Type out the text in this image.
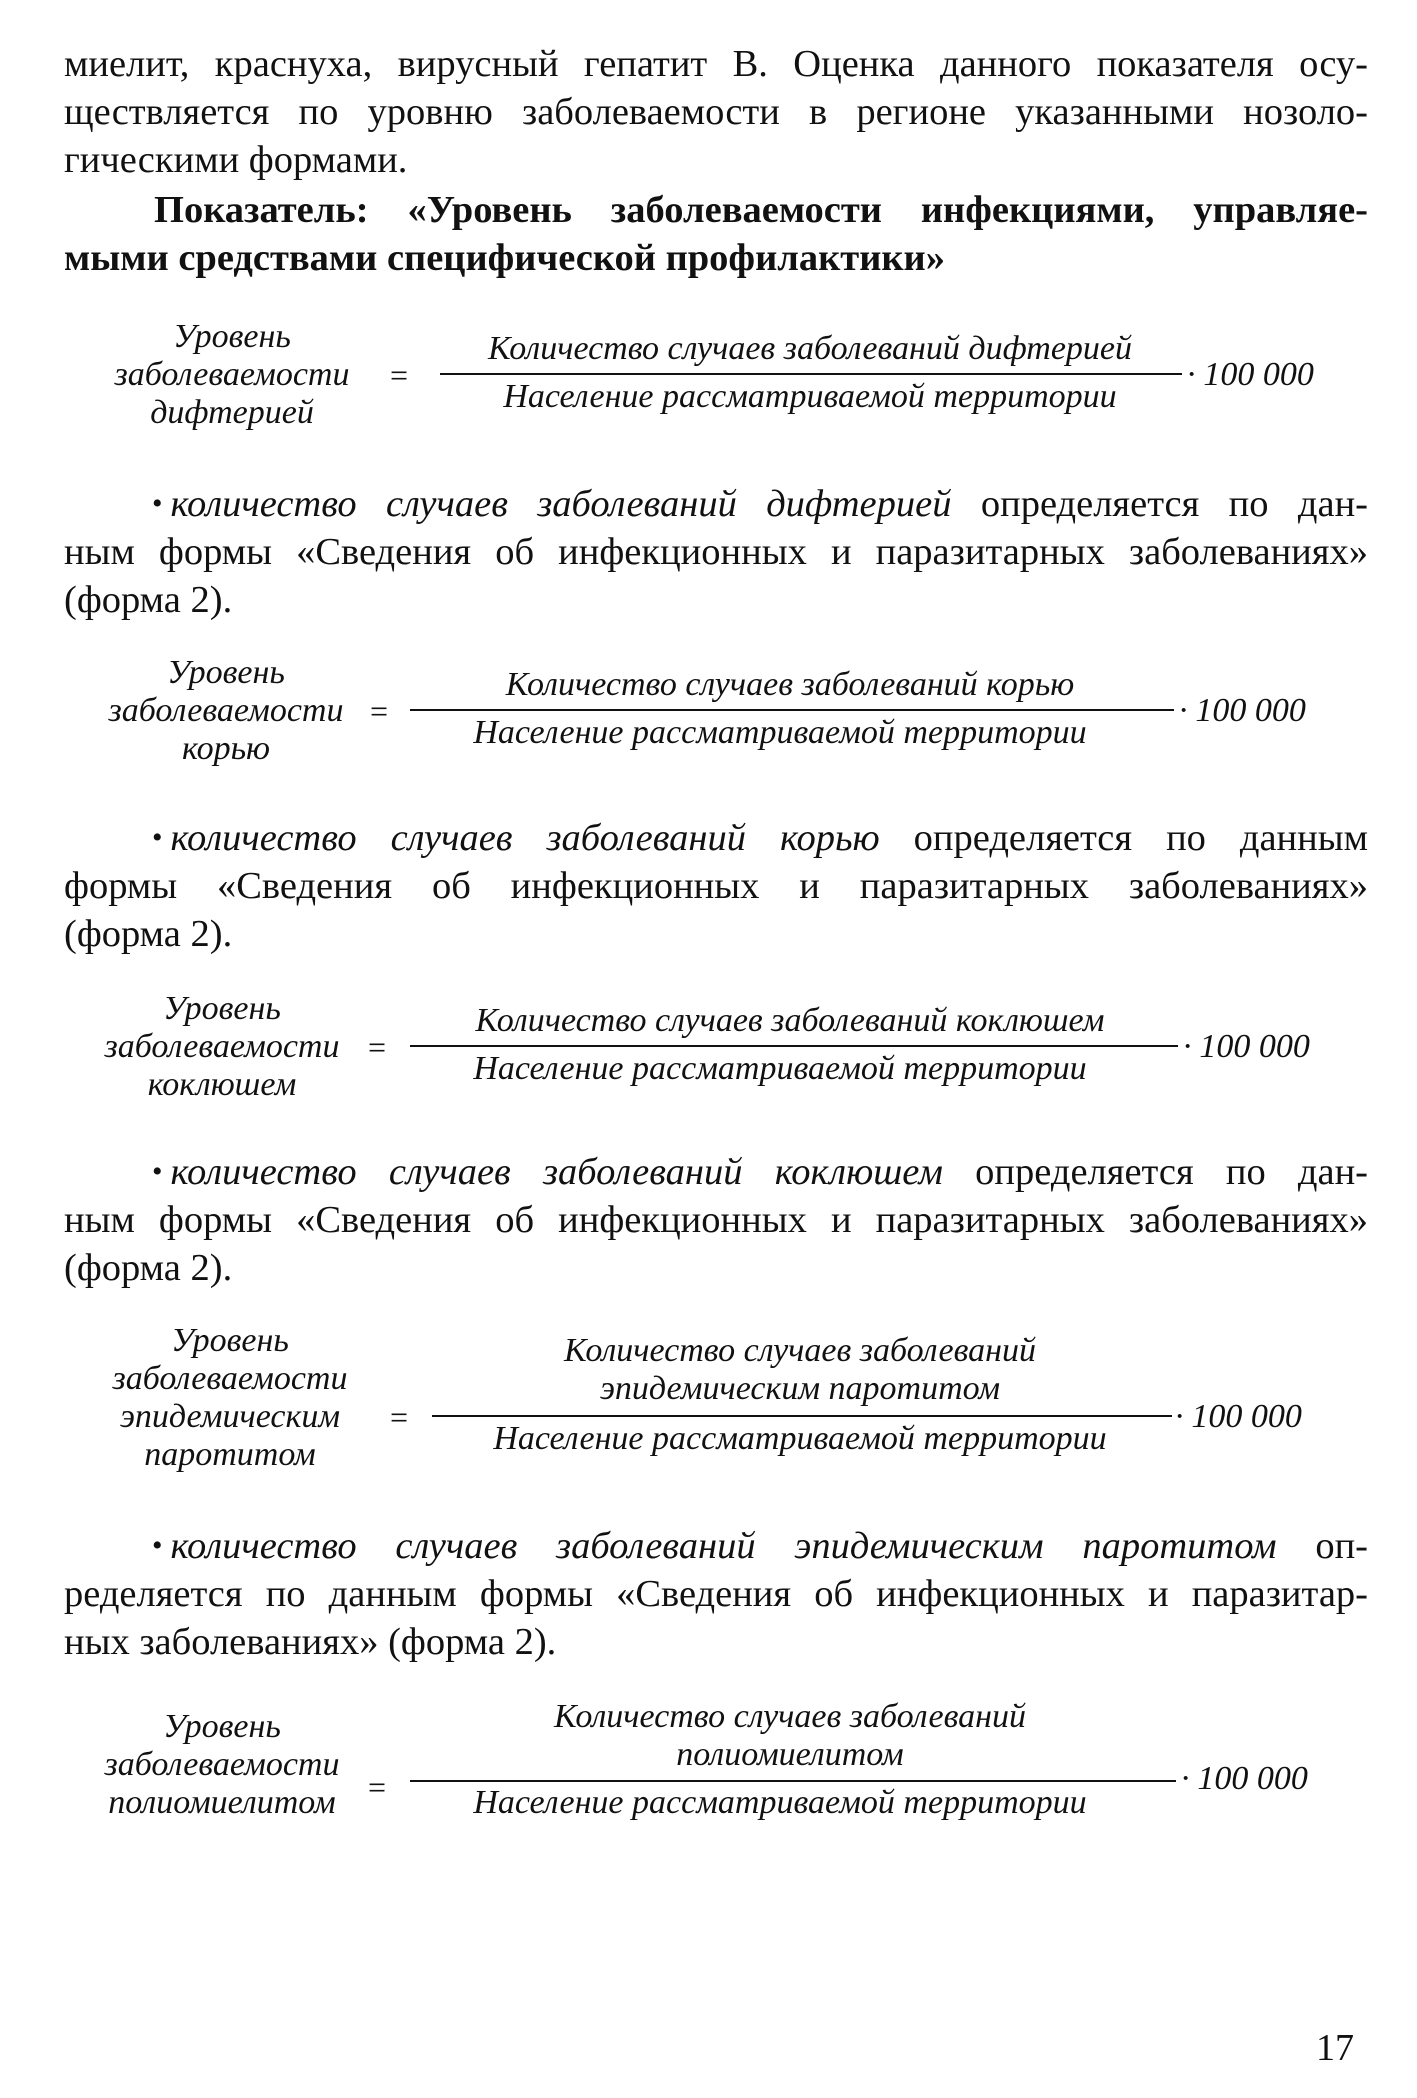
миелит, краснуха, вирусный гепатит В. Оценка данного показателя осу-
ществляется по уровню заболеваемости в регионе указанными нозоло-
гическими формами.
Показатель: «Уровень заболеваемости инфекциями, управляе-
мыми средствами специфической профилактики»
Уровень
заболеваемости
дифтерией
=
Количество случаев заболеваний дифтерией
Население рассматриваемой территории
· 100 000
• количество случаев заболеваний дифтерией определяется по дан-
ным формы «Сведения об инфекционных и паразитарных заболеваниях»
(форма 2).
Уровень
заболеваемости
корью
=
Количество случаев заболеваний корью
Население рассматриваемой территории
· 100 000
• количество случаев заболеваний корью определяется по данным
формы «Сведения об инфекционных и паразитарных заболеваниях»
(форма 2).
Уровень
заболеваемости
коклюшем
=
Количество случаев заболеваний коклюшем
Население рассматриваемой территории
· 100 000
• количество случаев заболеваний коклюшем определяется по дан-
ным формы «Сведения об инфекционных и паразитарных заболеваниях»
(форма 2).
Уровень
заболеваемости
эпидемическим
паротитом
=
Количество случаев заболеваний
эпидемическим паротитом
Население рассматриваемой территории
· 100 000
• количество случаев заболеваний эпидемическим паротитом оп-
ределяется по данным формы «Сведения об инфекционных и паразитар-
ных заболеваниях» (форма 2).
Уровень
заболеваемости
полиомиелитом	=
Количество случаев заболеваний
полиомиелитом
Население рассматриваемой территории
· 100 000
17
